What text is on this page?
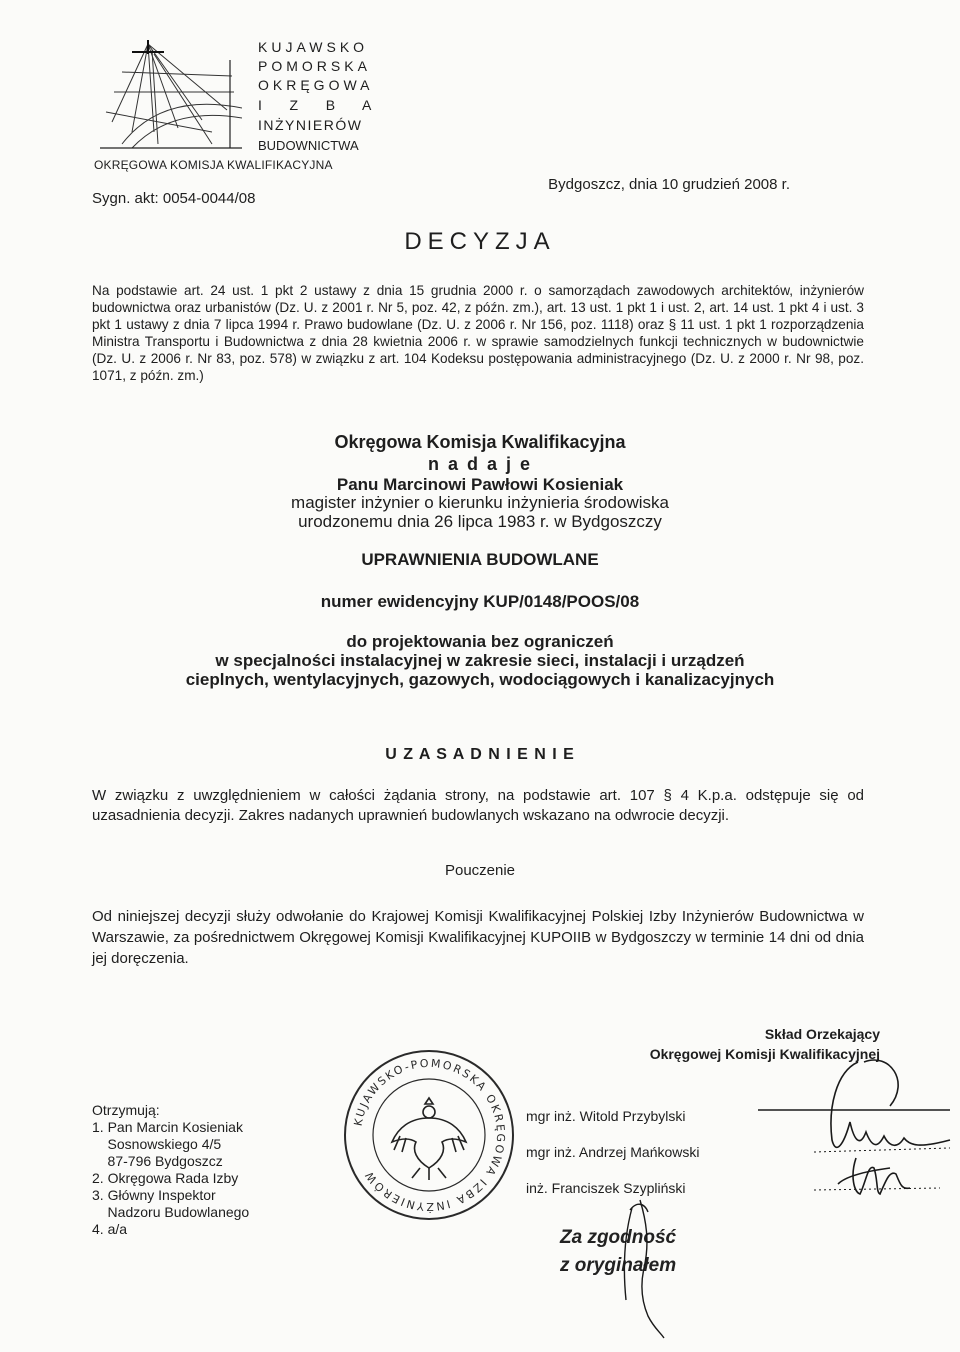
KUJAWSKO
POMORSKA
OKRĘGOWA
I   Z   B   A
INŻYNIERÓW
BUDOWNICTWA
OKRĘGOWA KOMISJA KWALIFIKACYJNA
Sygn. akt: 0054-0044/08
Bydgoszcz, dnia 10 grudzień 2008 r.
DECYZJA
Na podstawie art. 24 ust. 1 pkt 2 ustawy z dnia 15 grudnia 2000 r. o samorządach zawodowych architektów, inżynierów budownictwa oraz urbanistów (Dz. U. z 2001 r. Nr 5, poz. 42, z późn. zm.), art. 13 ust. 1 pkt 1 i ust. 2, art. 14 ust. 1 pkt 4 i ust. 3 pkt 1 ustawy z dnia 7 lipca 1994 r. Prawo budowlane (Dz. U. z 2006 r. Nr 156, poz. 1118) oraz § 11 ust. 1 pkt 1 rozporządzenia Ministra Transportu i Budownictwa z dnia 28 kwietnia 2006 r. w sprawie samodzielnych funkcji technicznych w budownictwie (Dz. U. z 2006 r. Nr 83, poz. 578) w związku z art. 104 Kodeksu postępowania administracyjnego (Dz. U. z 2000 r. Nr 98, poz. 1071, z późn. zm.)
Okręgowa Komisja Kwalifikacyjna
n a d a j e
Panu Marcinowi Pawłowi Kosieniak
magister inżynier o kierunku inżynieria środowiska
urodzonemu dnia 26 lipca 1983 r. w Bydgoszczy
UPRAWNIENIA BUDOWLANE
numer ewidencyjny KUP/0148/POOS/08
do projektowania bez ograniczeń
w specjalności instalacyjnej w zakresie sieci, instalacji i urządzeń
cieplnych, wentylacyjnych, gazowych, wodociągowych i kanalizacyjnych
U Z A S A D N I E N I E
W związku z uwzględnieniem w całości żądania strony, na podstawie art. 107 § 4 K.p.a. odstępuje się od uzasadnienia decyzji. Zakres nadanych uprawnień budowlanych wskazano na odwrocie decyzji.
Pouczenie
Od niniejszej decyzji służy odwołanie do Krajowej Komisji Kwalifikacyjnej Polskiej Izby Inżynierów Budownictwa w Warszawie, za pośrednictwem Okręgowej Komisji Kwalifikacyjnej KUPOIIB w Bydgoszczy w terminie 14 dni od dnia jej doręczenia.
Skład Orzekający
Okręgowej Komisji Kwalifikacyjnej
Otrzymują:
1. Pan Marcin Kosieniak
Sosnowskiego 4/5
87-796 Bydgoszcz
2. Okręgowa Rada Izby
3. Główny Inspektor
Nadzoru Budowlanego
4. a/a
KUJAWSKO-POMORSKA OKRĘGOWA IZBA INŻYNIERÓW
mgr inż. Witold Przybylski
mgr inż. Andrzej Mańkowski
inż. Franciszek Szypliński
Za zgodność
z oryginałem
